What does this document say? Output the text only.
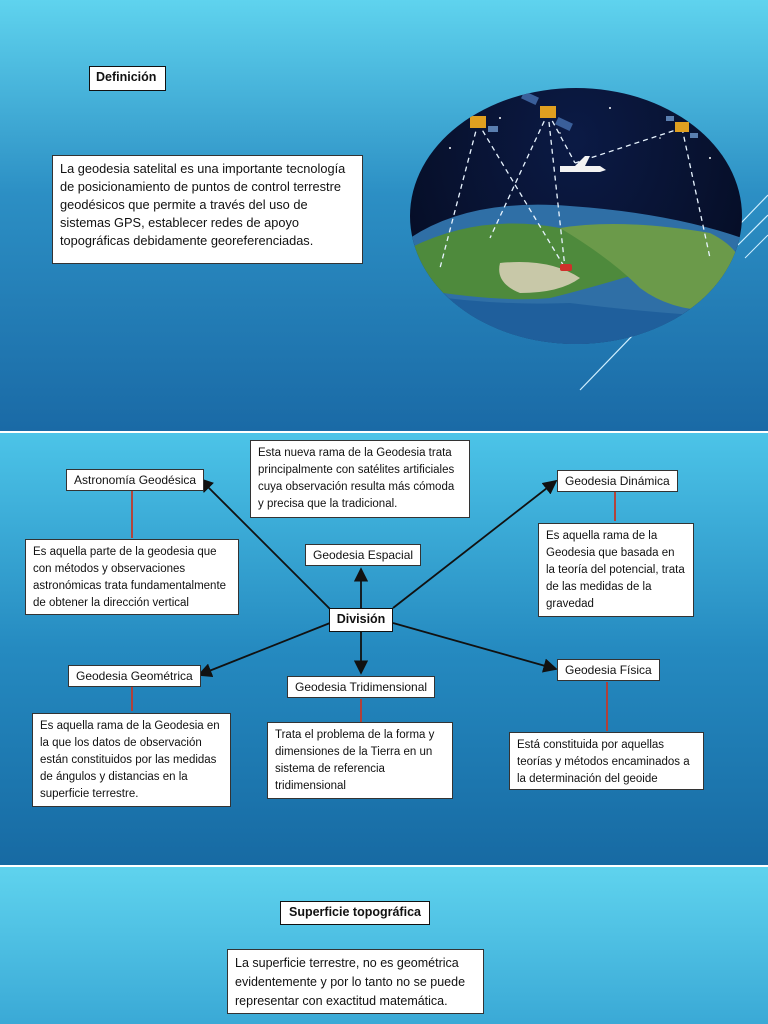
Definición
La geodesia satelital es una importante tecnología de posicionamiento de puntos de control terrestre geodésicos que permite a través del uso de sistemas GPS, establecer redes de apoyo topográficas debidamente georeferenciadas.
Astronomía Geodésica
Geodesia Espacial
Geodesia Dinámica
Geodesia Geométrica
Geodesia Tridimensional
Geodesia Física
División
Esta nueva rama de la Geodesia trata principalmente con satélites artificiales cuya observación resulta más cómoda y precisa que la tradicional.
Es aquella parte de la geodesia que con métodos y observaciones astronómicas trata fundamentalmente de obtener la dirección vertical
Es aquella rama de la Geodesia que basada en la teoría del potencial, trata de las medidas de la gravedad
Es aquella rama de la Geodesia en la que los datos de observación están constituidos por las medidas de ángulos y distancias en la superficie terrestre.
Trata el problema de la forma y dimensiones de la Tierra en un sistema de referencia tridimensional
Está constituida por aquellas teorías y métodos encaminados a la determinación del geoide
Superficie topográfica
La superficie terrestre, no es geométrica evidentemente y por lo tanto no se puede representar con exactitud matemática.
